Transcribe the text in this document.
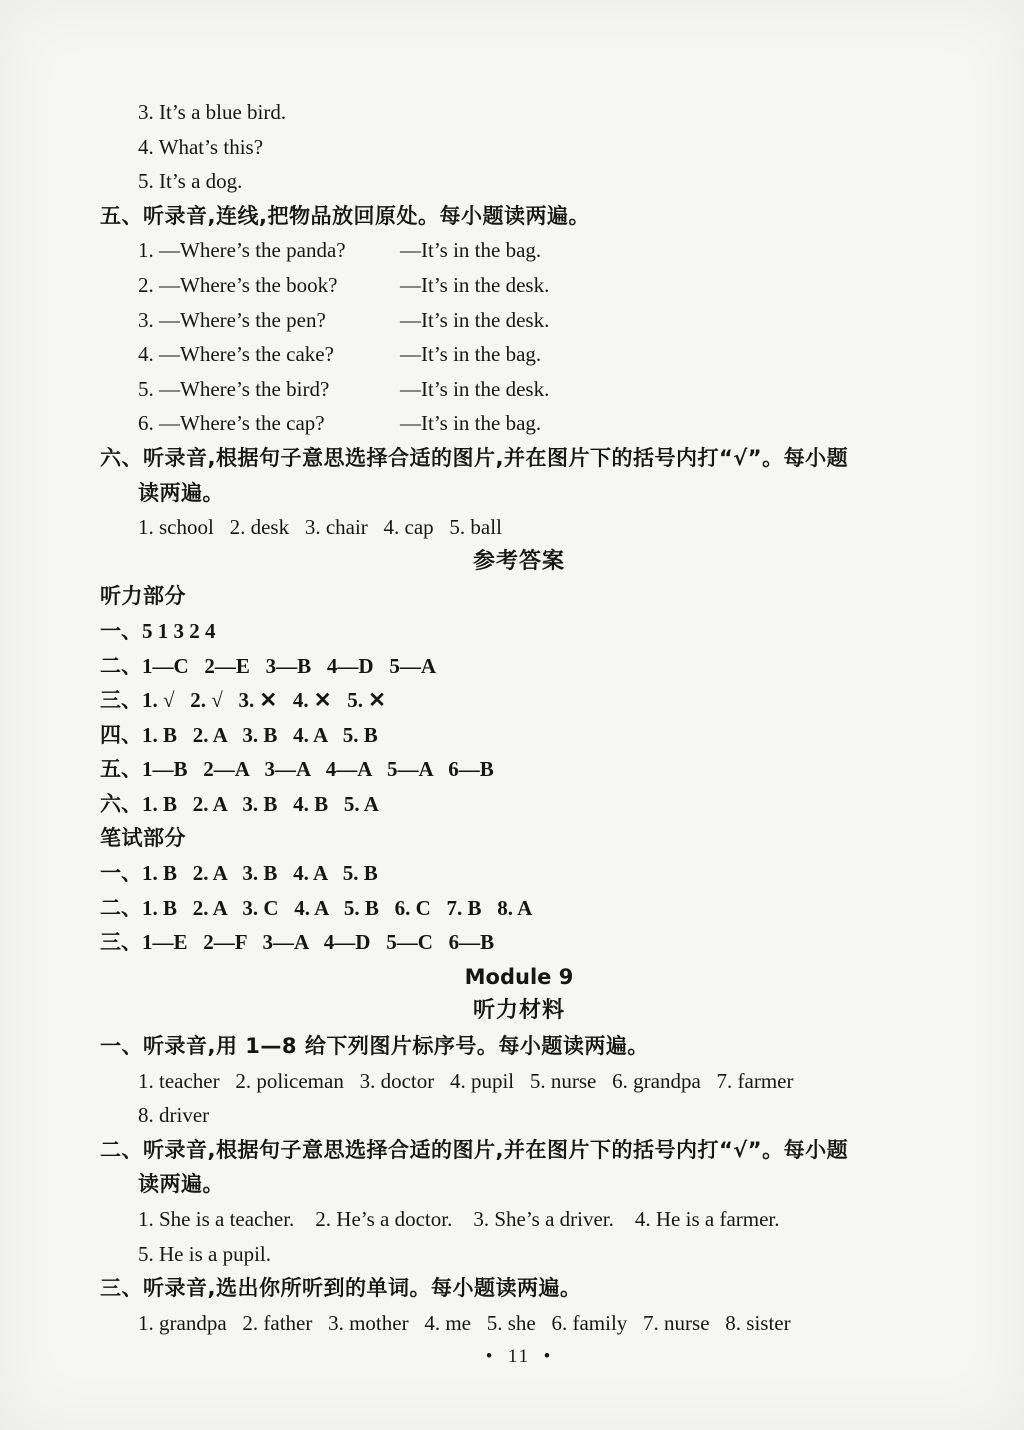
3. It’s a blue bird.
4. What’s this?
5. It’s a dog.
五、听录音,连线,把物品放回原处。每小题读两遍。
1. —Where’s the panda?	—It’s in the bag.
2. —Where’s the book?	—It’s in the desk.
3. —Where’s the pen?	—It’s in the desk.
4. —Where’s the cake?	—It’s in the bag.
5. —Where’s the bird?	—It’s in the desk.
6. —Where’s the cap?	—It’s in the bag.
六、听录音,根据句子意思选择合适的图片,并在图片下的括号内打“√”。每小题
读两遍。
1. school   2. desk   3. chair   4. cap   5. ball
参考答案
听力部分
一、5 1 3 2 4
二、1—C   2—E   3—B   4—D   5—A
三、1. √   2. √   3. ✕   4. ✕   5. ✕
四、1. B   2. A   3. B   4. A   5. B
五、1—B   2—A   3—A   4—A   5—A   6—B
六、1. B   2. A   3. B   4. B   5. A
笔试部分
一、1. B   2. A   3. B   4. A   5. B
二、1. B   2. A   3. C   4. A   5. B   6. C   7. B   8. A
三、1—E   2—F   3—A   4—D   5—C   6—B
Module 9
听力材料
一、听录音,用 1—8 给下列图片标序号。每小题读两遍。
1. teacher   2. policeman   3. doctor   4. pupil   5. nurse   6. grandpa   7. farmer
8. driver
二、听录音,根据句子意思选择合适的图片,并在图片下的括号内打“√”。每小题
读两遍。
1. She is a teacher.    2. He’s a doctor.    3. She’s a driver.    4. He is a farmer.
5. He is a pupil.
三、听录音,选出你所听到的单词。每小题读两遍。
1. grandpa   2. father   3. mother   4. me   5. she   6. family   7. nurse   8. sister
•  11  •
